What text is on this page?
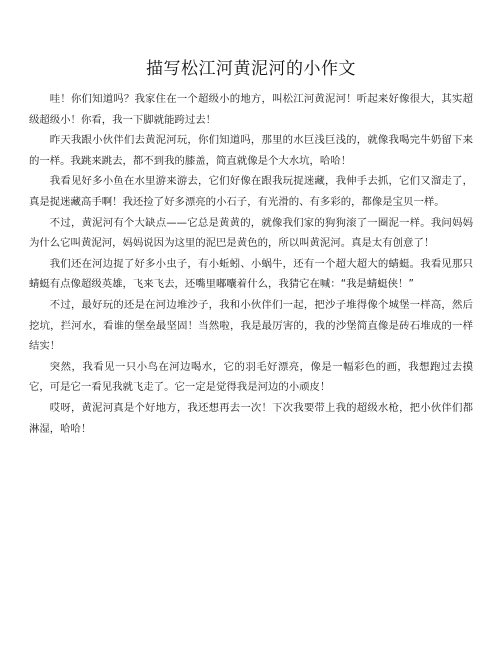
描写松江河黄泥河的小作文

哇！你们知道吗？我家住在一个超级小的地方，叫松江河黄泥河！听起来好像很大，其实超级超级小！你看，我一下脚就能跨过去！

昨天我跟小伙伴们去黄泥河玩，你们知道吗，那里的水巨浅巨浅的，就像我喝完牛奶留下来的一样。我跳来跳去，都不到我的膝盖，简直就像是个大水坑，哈哈！

我看见好多小鱼在水里游来游去，它们好像在跟我玩捉迷藏，我伸手去抓，它们又溜走了，真是捉迷藏高手啊！我还捡了好多漂亮的小石子，有光滑的、有多彩的，都像是宝贝一样。

不过，黄泥河有个大缺点——它总是黄黄的，就像我们家的狗狗滚了一圈泥一样。我问妈妈为什么它叫黄泥河，妈妈说因为这里的泥巴是黄色的，所以叫黄泥河。真是太有创意了！

我们还在河边捉了好多小虫子，有小蚯蚓、小蜗牛，还有一个超大超大的蜻蜓。我看见那只蜻蜓有点像超级英雄，飞来飞去，还嘴里嘟囔着什么，我猜它在喊：“我是蜻蜓侠！”

不过，最好玩的还是在河边堆沙子，我和小伙伴们一起，把沙子堆得像个城堡一样高，然后挖坑，拦河水，看谁的堡垒最坚固！当然啦，我是最厉害的，我的沙堡简直像是砖石堆成的一样结实！

突然，我看见一只小鸟在河边喝水，它的羽毛好漂亮，像是一幅彩色的画，我想跑过去摸它，可是它一看见我就飞走了。它一定是觉得我是河边的小顽皮！

哎呀，黄泥河真是个好地方，我还想再去一次！下次我要带上我的超级水枪，把小伙伴们都淋湿，哈哈！
